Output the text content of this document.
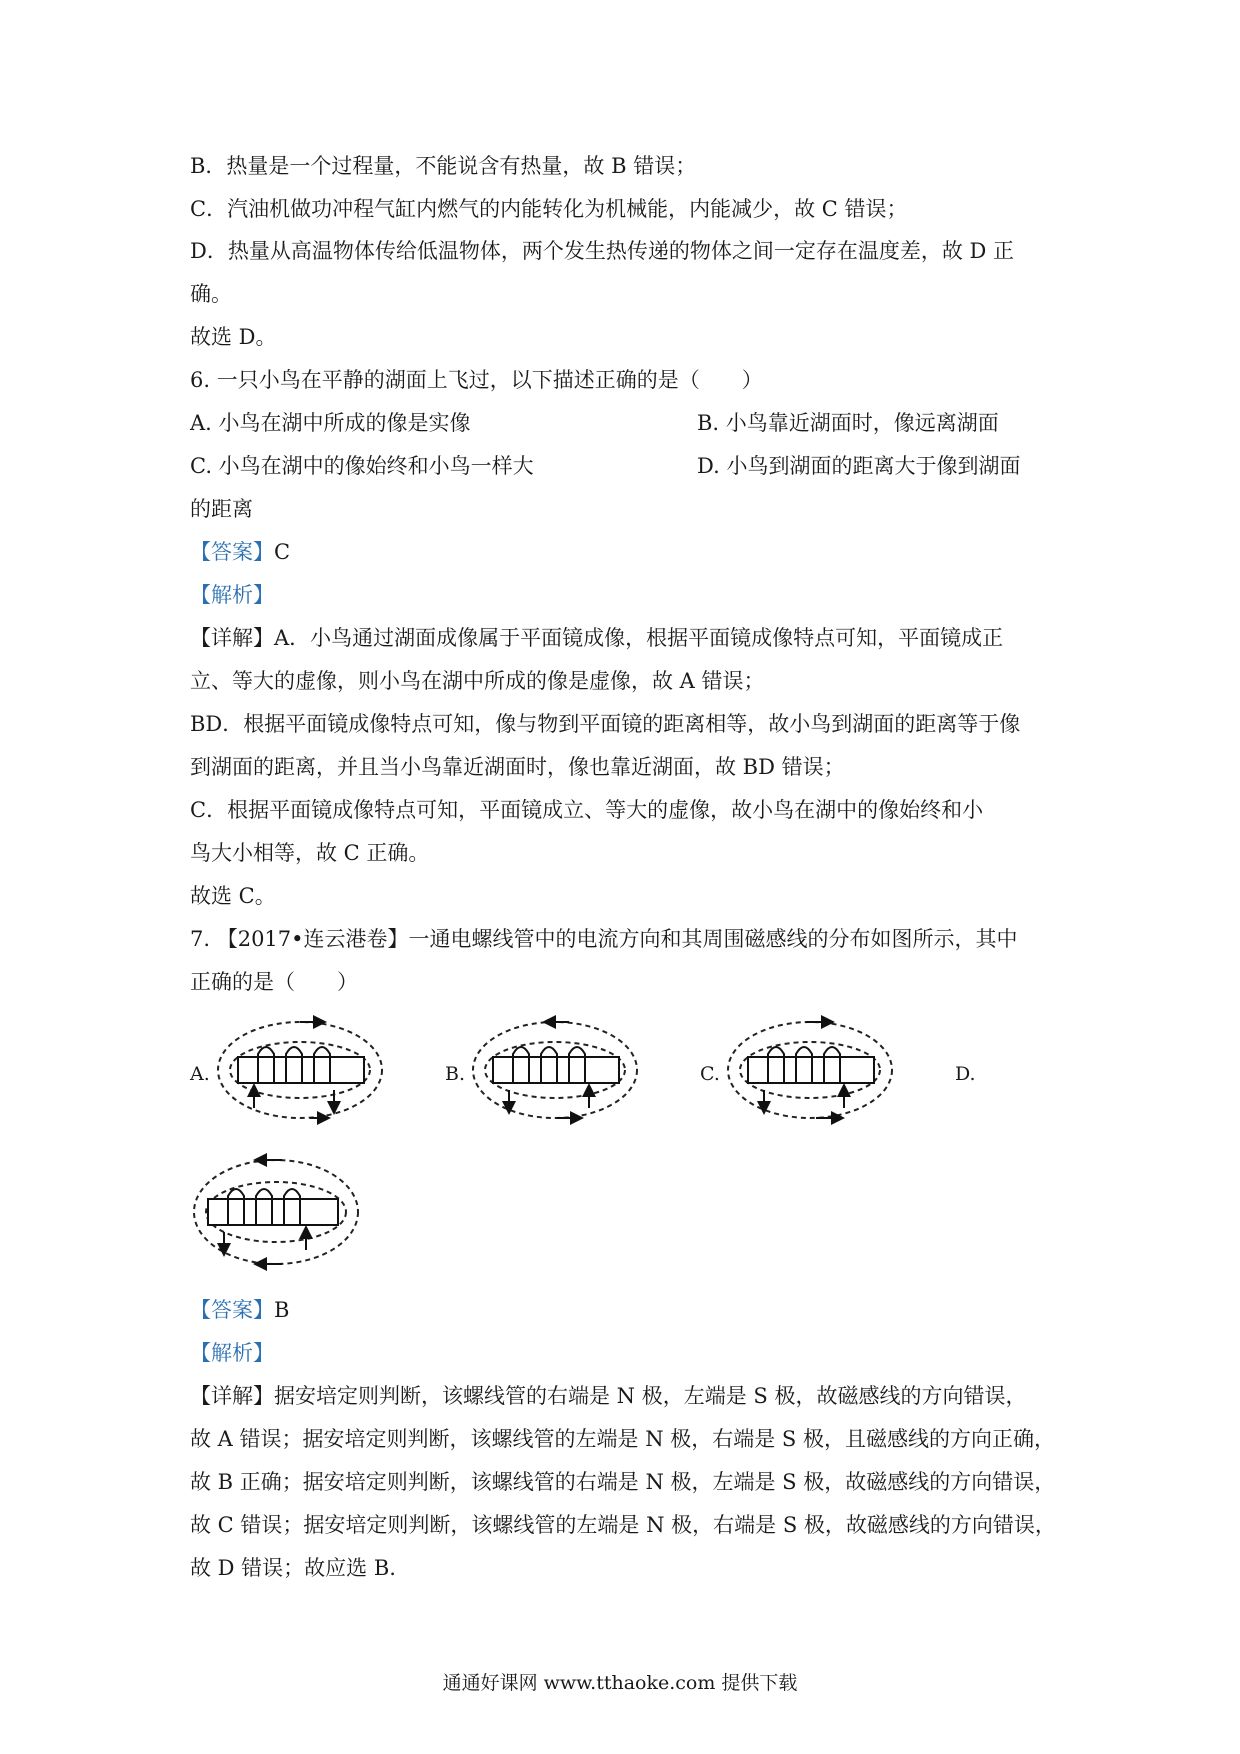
B．热量是一个过程量，不能说含有热量，故 B 错误；
C．汽油机做功冲程气缸内燃气的内能转化为机械能，内能减少，故 C 错误；
D．热量从高温物体传给低温物体，两个发生热传递的物体之间一定存在温度差，故 D 正
确。
故选 D。
6. 一只小鸟在平静的湖面上飞过，以下描述正确的是（　　）
A. 小鸟在湖中所成的像是实像	B. 小鸟靠近湖面时，像远离湖面
C. 小鸟在湖中的像始终和小鸟一样大	D. 小鸟到湖面的距离大于像到湖面
的距离
【答案】C
【解析】
【详解】A．小鸟通过湖面成像属于平面镜成像，根据平面镜成像特点可知，平面镜成正
立、等大的虚像，则小鸟在湖中所成的像是虚像，故 A 错误；
BD．根据平面镜成像特点可知，像与物到平面镜的距离相等，故小鸟到湖面的距离等于像
到湖面的距离，并且当小鸟靠近湖面时，像也靠近湖面，故 BD 错误；
C．根据平面镜成像特点可知，平面镜成立、等大的虚像，故小鸟在湖中的像始终和小
鸟大小相等，故 C 正确。
故选 C。
7. 【2017•连云港卷】一通电螺线管中的电流方向和其周围磁感线的分布如图所示，其中
正确的是（　　）
A.	B.	C.	D.
【答案】B
【解析】
【详解】据安培定则判断，该螺线管的右端是 N 极，左端是 S 极，故磁感线的方向错误，
故 A 错误；据安培定则判断，该螺线管的左端是 N 极，右端是 S 极，且磁感线的方向正确，
故 B 正确；据安培定则判断，该螺线管的右端是 N 极，左端是 S 极，故磁感线的方向错误，
故 C 错误；据安培定则判断，该螺线管的左端是 N 极，右端是 S 极，故磁感线的方向错误，
故 D 错误；故应选 B.
通通好课网 www.tthaoke.com 提供下载
